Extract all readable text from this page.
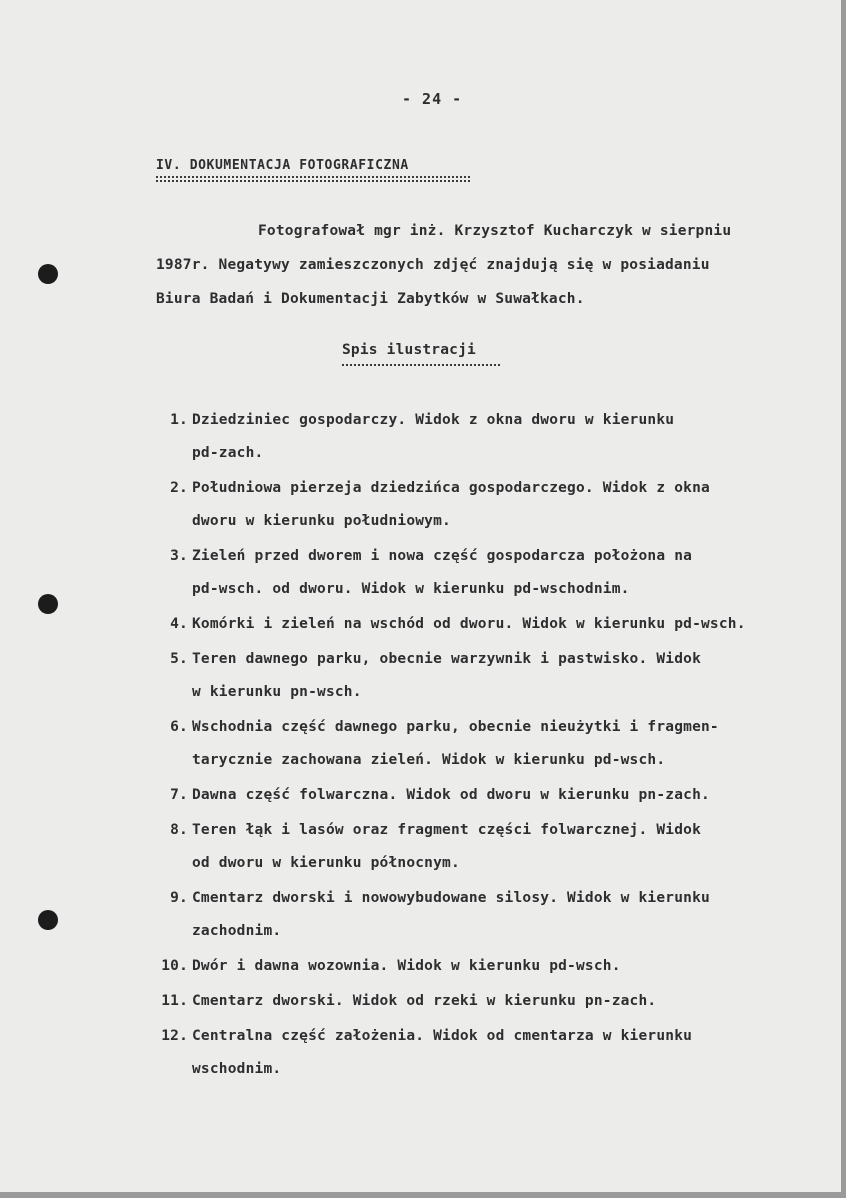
- 24 -
IV. DOKUMENTACJA FOTOGRAFICZNA
Fotografował mgr inż. Krzysztof Kucharczyk w sierpniu
1987r. Negatywy zamieszczonych zdjęć znajdują się w posiadaniu
Biura Badań i Dokumentacji Zabytków w Suwałkach.
Spis ilustracji
1. Dziedziniec gospodarczy. Widok z okna dworu w kierunku
pd-zach.
2. Południowa pierzeja dziedzińca gospodarczego. Widok z okna
dworu w kierunku południowym.
3. Zieleń przed dworem i nowa część gospodarcza położona na
pd-wsch. od dworu. Widok w kierunku pd-wschodnim.
4. Komórki i zieleń na wschód od dworu. Widok w kierunku pd-wsch.
5. Teren dawnego parku, obecnie warzywnik i pastwisko. Widok
w kierunku pn-wsch.
6. Wschodnia część dawnego parku, obecnie nieużytki i fragmen-
tarycznie zachowana zieleń. Widok w kierunku pd-wsch.
7. Dawna część folwarczna. Widok od dworu w kierunku pn-zach.
8. Teren łąk i lasów oraz fragment części folwarcznej. Widok
od dworu w kierunku północnym.
9. Cmentarz dworski i nowowybudowane silosy. Widok w kierunku
zachodnim.
10. Dwór i dawna wozownia. Widok w kierunku pd-wsch.
11. Cmentarz dworski. Widok od rzeki w kierunku pn-zach.
12. Centralna część założenia. Widok od cmentarza w kierunku
wschodnim.
